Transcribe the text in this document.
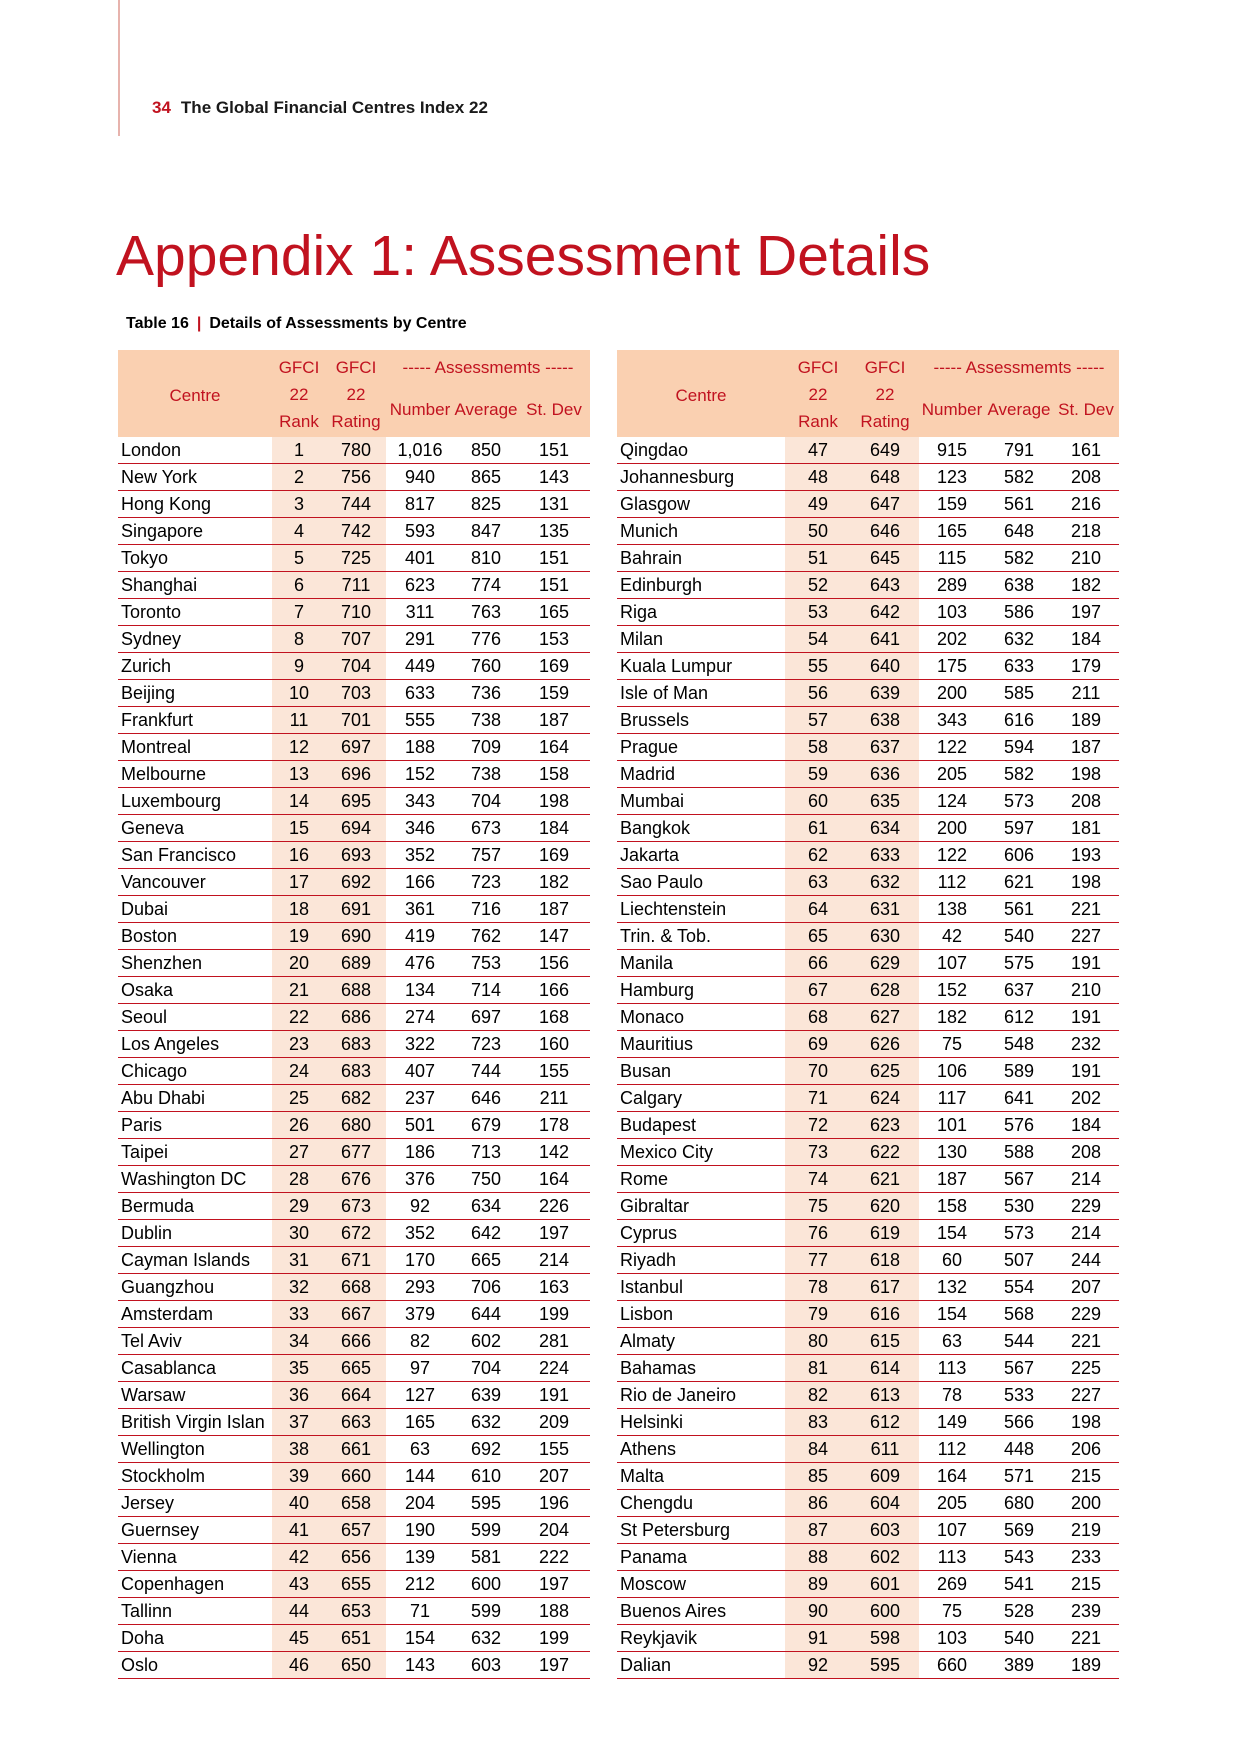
34 The Global Financial Centres Index 22
Appendix 1: Assessment Details
Table 16 | Details of Assessments by Centre
Centre	GFCI	GFCI	----- Assessmemts -----		
	22	22	Number	Average	St. Dev
	Rank	Rating			
London	1	780	1,016	850	151
New York	2	756	940	865	143
Hong Kong	3	744	817	825	131
Singapore	4	742	593	847	135
Tokyo	5	725	401	810	151
Shanghai	6	711	623	774	151
Toronto	7	710	311	763	165
Sydney	8	707	291	776	153
Zurich	9	704	449	760	169
Beijing	10	703	633	736	159
Frankfurt	11	701	555	738	187
Montreal	12	697	188	709	164
Melbourne	13	696	152	738	158
Luxembourg	14	695	343	704	198
Geneva	15	694	346	673	184
San Francisco	16	693	352	757	169
Vancouver	17	692	166	723	182
Dubai	18	691	361	716	187
Boston	19	690	419	762	147
Shenzhen	20	689	476	753	156
Osaka	21	688	134	714	166
Seoul	22	686	274	697	168
Los Angeles	23	683	322	723	160
Chicago	24	683	407	744	155
Abu Dhabi	25	682	237	646	211
Paris	26	680	501	679	178
Taipei	27	677	186	713	142
Washington DC	28	676	376	750	164
Bermuda	29	673	92	634	226
Dublin	30	672	352	642	197
Cayman Islands	31	671	170	665	214
Guangzhou	32	668	293	706	163
Amsterdam	33	667	379	644	199
Tel Aviv	34	666	82	602	281
Casablanca	35	665	97	704	224
Warsaw	36	664	127	639	191
British Virgin Islan	37	663	165	632	209
Wellington	38	661	63	692	155
Stockholm	39	660	144	610	207
Jersey	40	658	204	595	196
Guernsey	41	657	190	599	204
Vienna	42	656	139	581	222
Copenhagen	43	655	212	600	197
Tallinn	44	653	71	599	188
Doha	45	651	154	632	199
Oslo	46	650	143	603	197
Centre	GFCI	GFCI	----- Assessmemts -----		
	22	22	Number	Average	St. Dev
	Rank	Rating			
Qingdao	47	649	915	791	161
Johannesburg	48	648	123	582	208
Glasgow	49	647	159	561	216
Munich	50	646	165	648	218
Bahrain	51	645	115	582	210
Edinburgh	52	643	289	638	182
Riga	53	642	103	586	197
Milan	54	641	202	632	184
Kuala Lumpur	55	640	175	633	179
Isle of Man	56	639	200	585	211
Brussels	57	638	343	616	189
Prague	58	637	122	594	187
Madrid	59	636	205	582	198
Mumbai	60	635	124	573	208
Bangkok	61	634	200	597	181
Jakarta	62	633	122	606	193
Sao Paulo	63	632	112	621	198
Liechtenstein	64	631	138	561	221
Trin. & Tob.	65	630	42	540	227
Manila	66	629	107	575	191
Hamburg	67	628	152	637	210
Monaco	68	627	182	612	191
Mauritius	69	626	75	548	232
Busan	70	625	106	589	191
Calgary	71	624	117	641	202
Budapest	72	623	101	576	184
Mexico City	73	622	130	588	208
Rome	74	621	187	567	214
Gibraltar	75	620	158	530	229
Cyprus	76	619	154	573	214
Riyadh	77	618	60	507	244
Istanbul	78	617	132	554	207
Lisbon	79	616	154	568	229
Almaty	80	615	63	544	221
Bahamas	81	614	113	567	225
Rio de Janeiro	82	613	78	533	227
Helsinki	83	612	149	566	198
Athens	84	611	112	448	206
Malta	85	609	164	571	215
Chengdu	86	604	205	680	200
St Petersburg	87	603	107	569	219
Panama	88	602	113	543	233
Moscow	89	601	269	541	215
Buenos Aires	90	600	75	528	239
Reykjavik	91	598	103	540	221
Dalian	92	595	660	389	189
